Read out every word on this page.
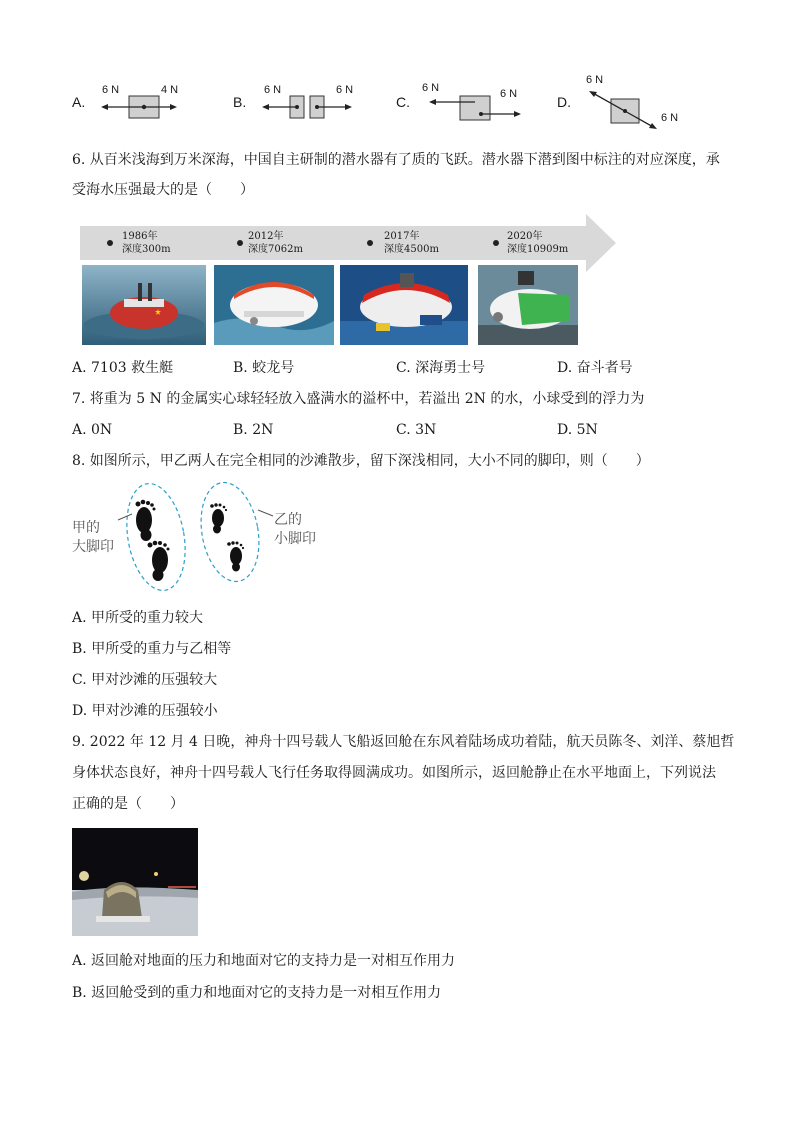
A.
6 N	4 N
B.
6 N	6 N
C.
6 N	6 N	D.
6 N
6 N
6. 从百米浅海到万米深海，中国自主研制的潜水器有了质的飞跃。潜水器下潜到图中标注的对应深度，承
受海水压强最大的是（　　）
1986年
深度300m
2012年
深度7062m
2017年
深度4500m
2020年
深度10909m
A. 7103 救生艇	B. 蛟龙号	C. 深海勇士号	D. 奋斗者号
7. 将重为 5 N 的金属实心球轻轻放入盛满水的溢杯中，若溢出 2N 的水，小球受到的浮力为
A. 0N	B. 2N	C. 3N	D. 5N
8. 如图所示，甲乙两人在完全相同的沙滩散步，留下深浅相同，大小不同的脚印，则（　　）
甲的
大脚印
乙的
小脚印
A. 甲所受的重力较大
B. 甲所受的重力与乙相等
C. 甲对沙滩的压强较大
D. 甲对沙滩的压强较小
9. 2022 年 12 月 4 日晚，神舟十四号载人飞船返回舱在东风着陆场成功着陆，航天员陈冬、刘洋、蔡旭哲
身体状态良好，神舟十四号载人飞行任务取得圆满成功。如图所示，返回舱静止在水平地面上，下列说法
正确的是（　　）
A. 返回舱对地面的压力和地面对它的支持力是一对相互作用力
B. 返回舱受到的重力和地面对它的支持力是一对相互作用力
